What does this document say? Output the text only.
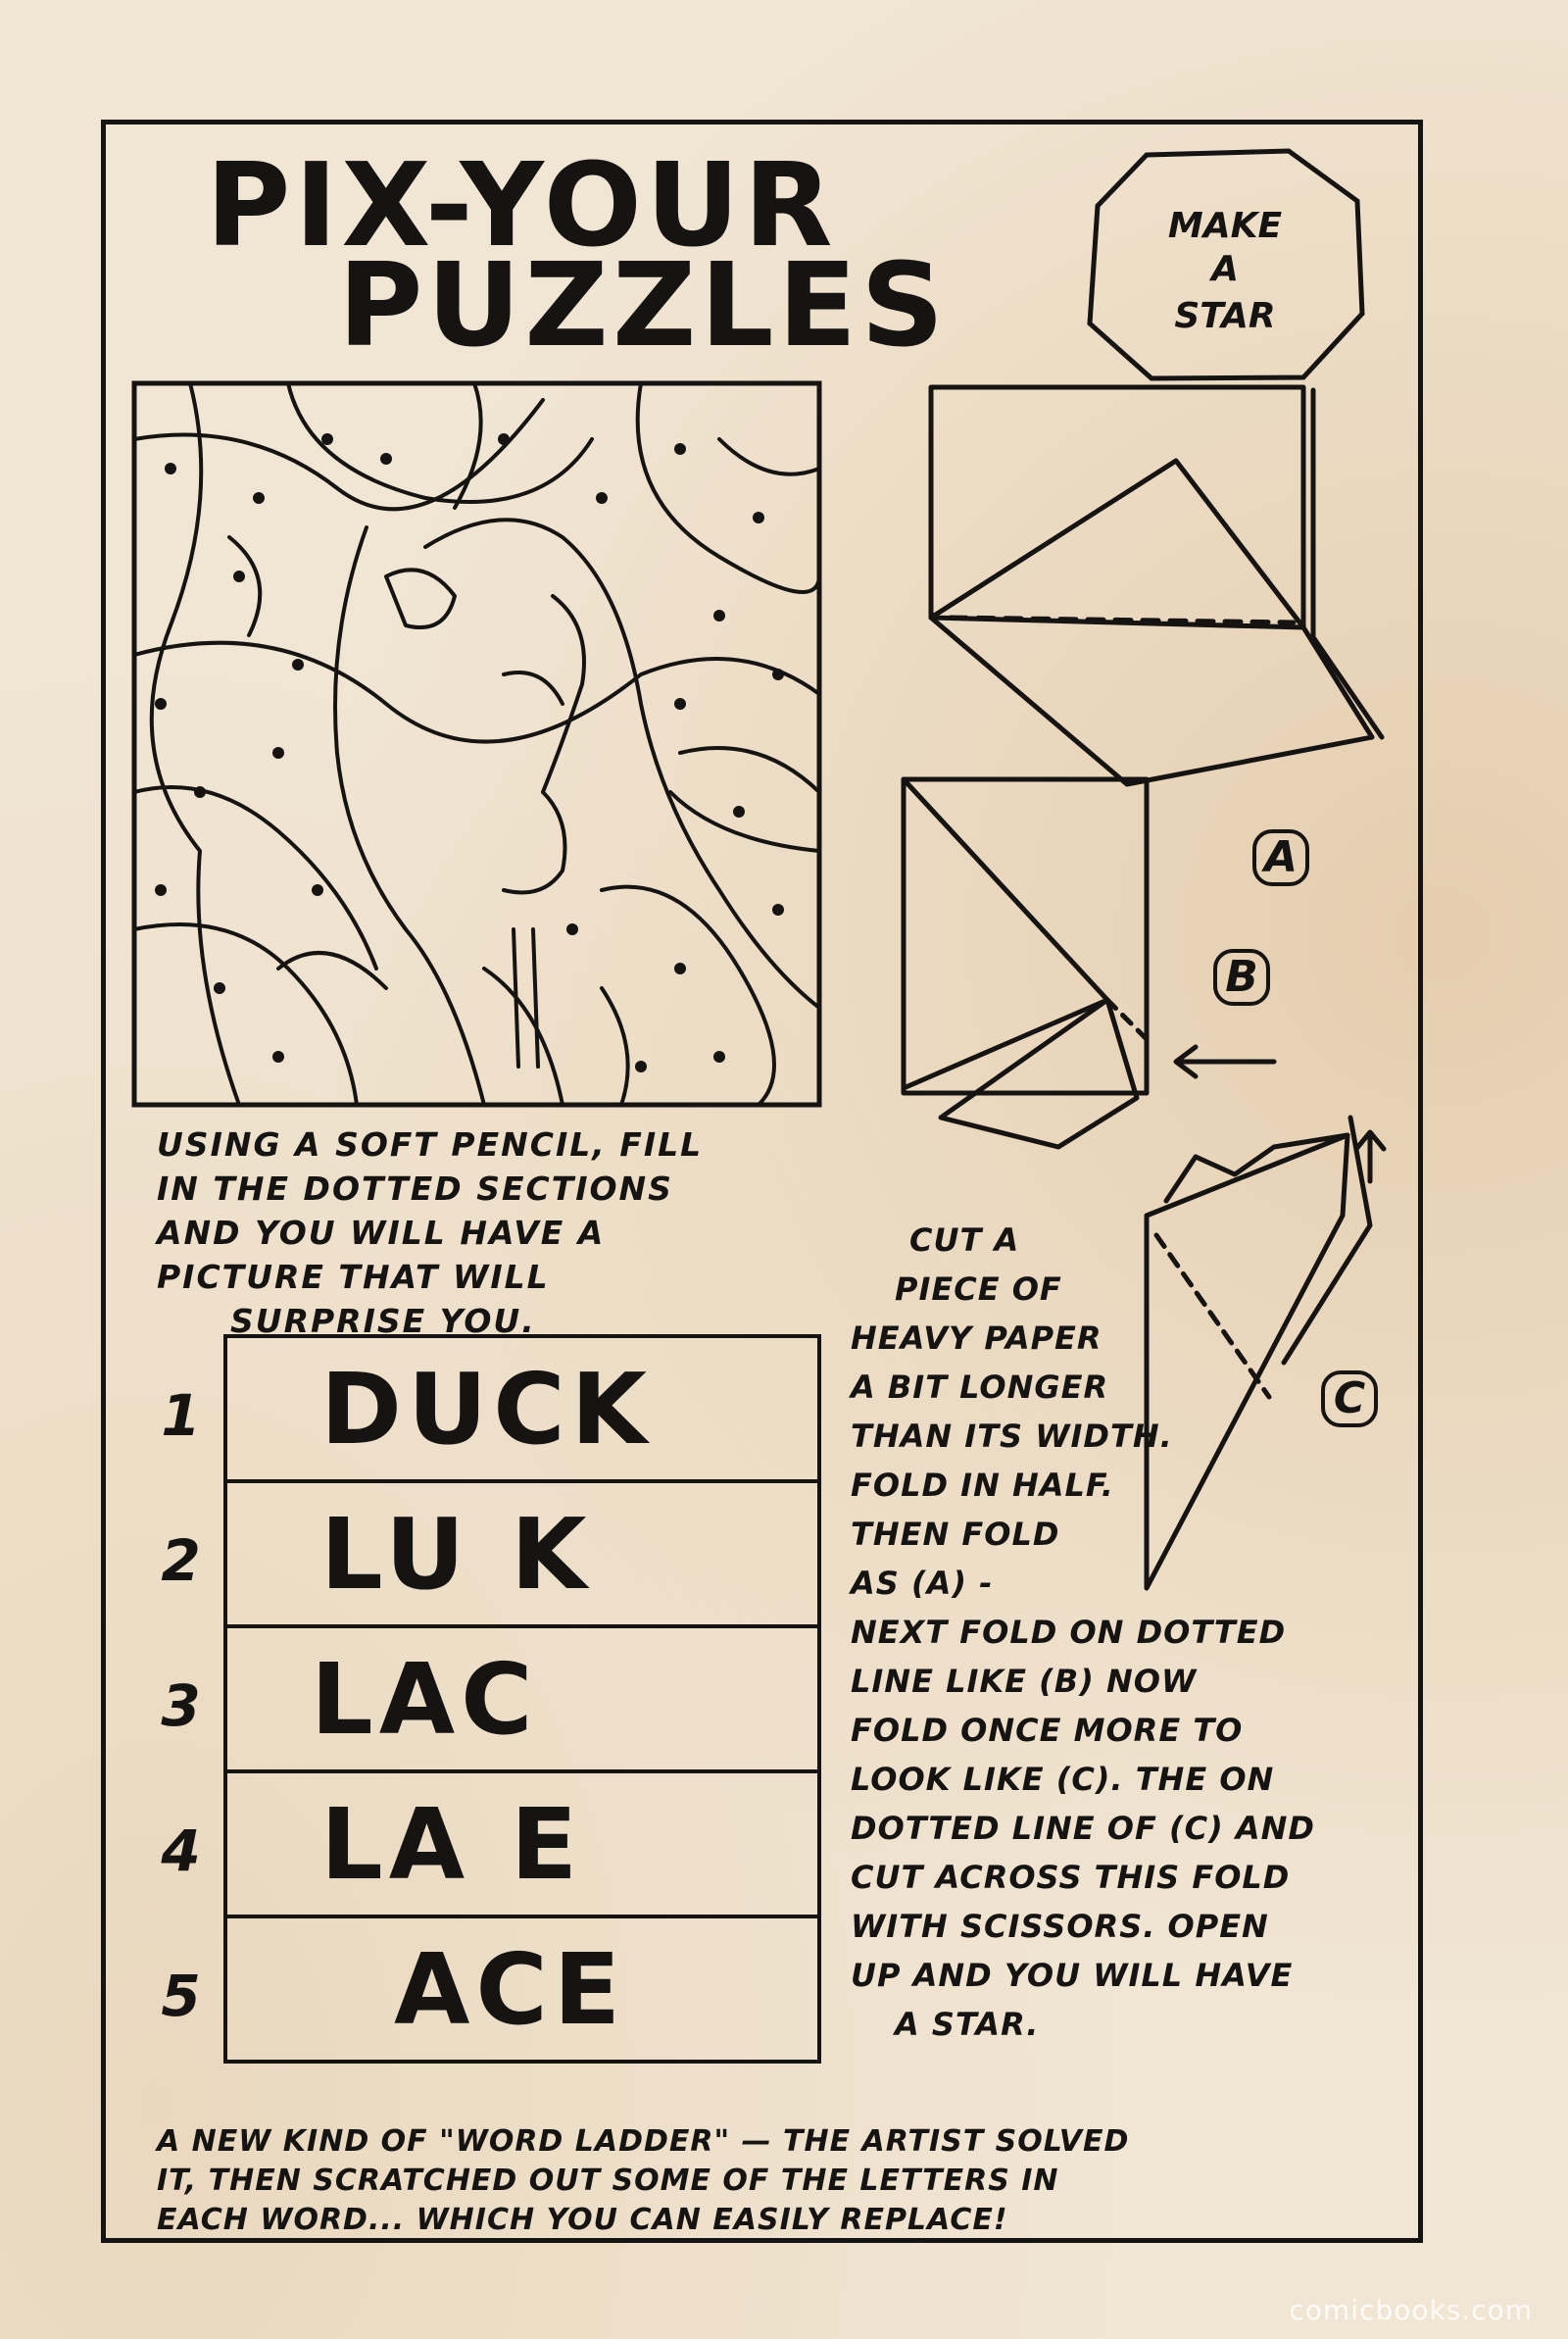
PIX-YOUR
PUZZLES
MAKE
A
STAR

USING A SOFT PENCIL, FILL
IN THE DOTTED SECTIONS
AND YOU WILL HAVE A
PICTURE THAT WILL
SURPRISE YOU.

1 DUCK
2 LU K
3 LAC
4 LA E
5 ACE
A
B
C

CUT A
PIECE OF
HEAVY PAPER
A BIT LONGER
THAN ITS WIDTH.
FOLD IN HALF.
THEN FOLD
AS (A) -
NEXT FOLD ON DOTTED
LINE LIKE (B) NOW
FOLD ONCE MORE TO
LOOK LIKE (C). THE ON
DOTTED LINE OF (C) AND
CUT ACROSS THIS FOLD
WITH SCISSORS. OPEN
UP AND YOU WILL HAVE
A STAR.

A NEW KIND OF "WORD LADDER" — THE ARTIST SOLVED
IT, THEN SCRATCHED OUT SOME OF THE LETTERS IN
EACH WORD... WHICH YOU CAN EASILY REPLACE!

comicbooks.com
